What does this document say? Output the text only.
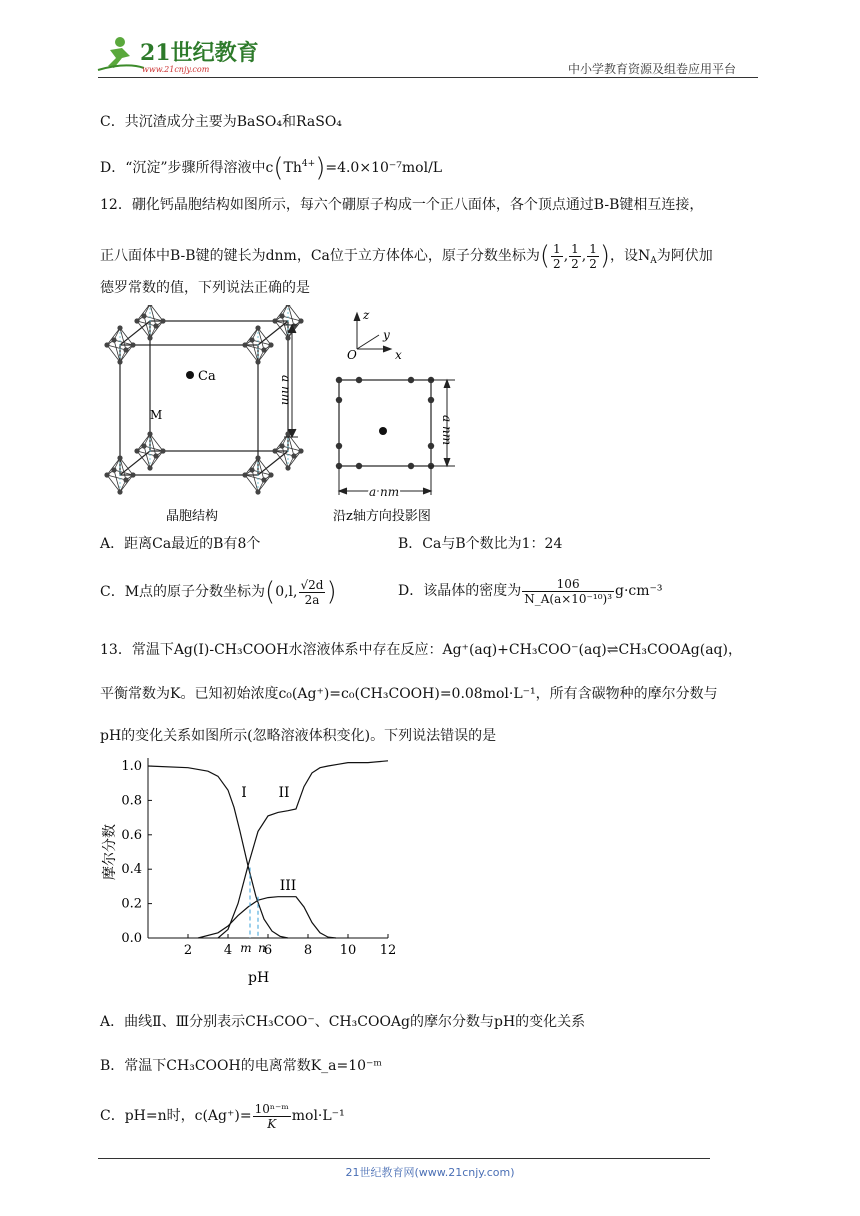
21世纪教育
www.21cnjy.com	中小学教育资源及组卷应用平台
C．共沉渣成分主要为BaSO₄和RaSO₄
D．“沉淀”步骤所得溶液中$c(Th^{4+})=4.0\times 10^{-7}mol/L$
12．硼化钙晶胞结构如图所示，每六个硼原子构成一个正八面体，各个顶点通过B-B键相互连接，
正八面体中B-B键的键长为dnm，Ca位于立方体体心，原子分数坐标为( $\frac{1}{2}$ , $\frac{1}{2}$ , $\frac{1}{2}$ )，设$N_A$为阿伏加
德罗常数的值，下列说法正确的是
Ca
M
a nm
晶胞结构
z
y
x
O
a nm
a nm
沿z轴方向投影图
A．距离Ca最近的B有8个	B．Ca与B个数比为1：24
C．M点的原子分数坐标为(0,l, $\frac{√2d}{2a}$ )	D．该晶体的密度为 $\frac{106}{\text{N\_A(a×10⁻¹⁰)³}} g\cdot cm^{-3}$
13．常温下Ag(Ⅰ)-CH₃COOH水溶液体系中存在反应：Ag⁺(aq)+CH₃COO⁻(aq)⇌CH₃COOAg(aq)，
平衡常数为K。已知初始浓度c₀(Ag⁺)=c₀(CH₃COOH)=0.08mol·L⁻¹，所有含碳物种的摩尔分数与
pH的变化关系如图所示(忽略溶液体积变化)。下列说法错误的是
2 4 6 8 10 12
0.0
0.2
0.4
0.6
0.8
1.0
I II
III
m n
pH
摩尔分数
A．曲线Ⅱ、Ⅲ分别表示CH₃COO⁻、CH₃COOAg的摩尔分数与pH的变化关系
B．常温下CH₃COOH的电离常数K_a=10⁻ᵐ
C．pH=n时，$c(Ag^+)= \frac{\text{10ⁿ⁻ᵐ}}{K} mol\cdot L^{-1}$
21世纪教育网(www.21cnjy.com)
